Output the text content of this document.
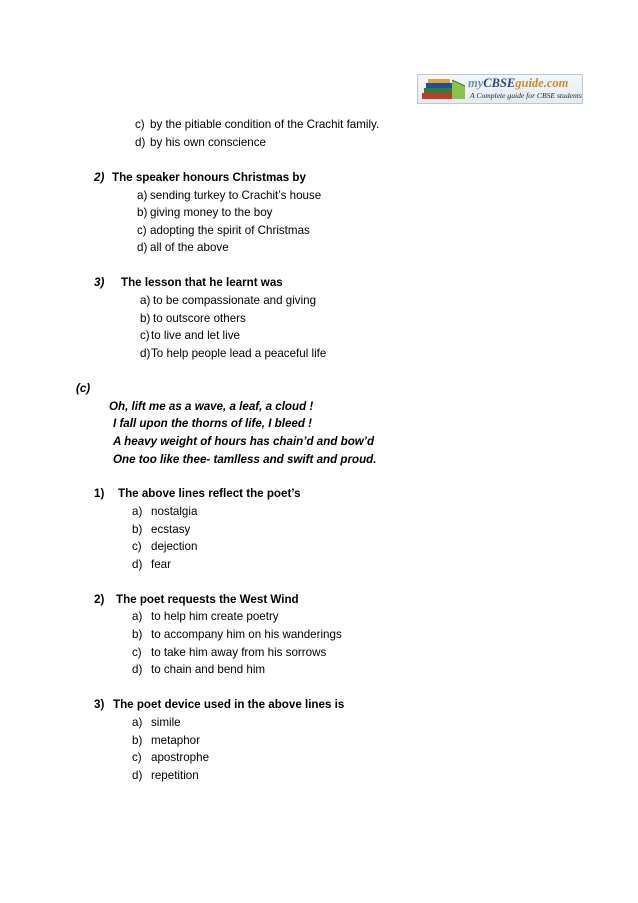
myCBSEguide.com
A Complete guide for CBSE students
c) by the pitiable condition of the Crachit family.
d) by his own conscience
2) The speaker honours Christmas by
a) sending turkey to Crachit’s house
b) giving money to the boy
c) adopting the spirit of Christmas
d) all of the above
3) The lesson that he learnt was
a) to be compassionate and giving
b) to outscore others
c)to live and let live
d)To help people lead a peaceful life
(c)
Oh, lift me as a wave, a leaf, a cloud !
I fall upon the thorns of life, I bleed !
A heavy weight of hours has chain’d and bow’d
One too like thee- tamlless and swift and proud.
1) The above lines reflect the poet’s
a) nostalgia
b) ecstasy
c) dejection
d) fear
2) The poet requests the West Wind
a) to help him create poetry
b) to accompany him on his wanderings
c) to take him away from his sorrows
d) to chain and bend him
3) The poet device used in the above lines is
a) simile
b) metaphor
c) apostrophe
d) repetition
